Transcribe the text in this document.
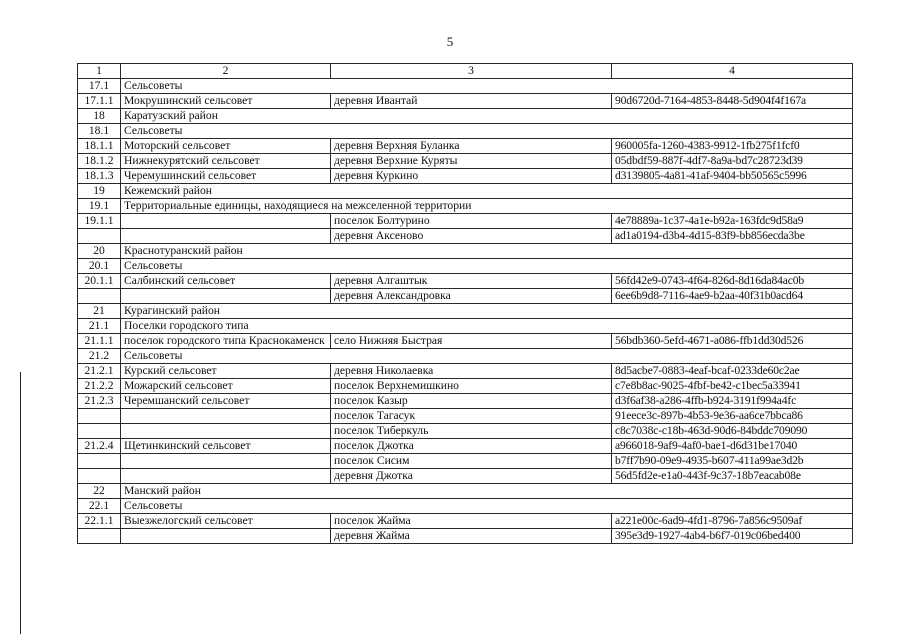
5
1	2	3	4
17.1	Сельсоветы		
17.1.1	Мокрушинский сельсовет	деревня Ивантай	90d6720d-7164-4853-8448-5d904f4f167a
18	Каратузский район		
18.1	Сельсоветы		
18.1.1	Моторский сельсовет	деревня Верхняя Буланка	960005fa-1260-4383-9912-1fb275f1fcf0
18.1.2	Нижнекурятский сельсовет	деревня Верхние Куряты	05dbdf59-887f-4df7-8a9a-bd7c28723d39
18.1.3	Черемушинский сельсовет	деревня Куркино	d3139805-4a81-41af-9404-bb50565c5996
19	Кежемский район		
19.1	Территориальные единицы, находящиеся на межселенной территории		
19.1.1		поселок Болтурино	4e78889a-1c37-4a1e-b92a-163fdc9d58a9
		деревня Аксеново	ad1a0194-d3b4-4d15-83f9-bb856ecda3be
20	Краснотуранский район		
20.1	Сельсоветы		
20.1.1	Салбинский сельсовет	деревня Алгаштык	56fd42e9-0743-4f64-826d-8d16da84ac0b
		деревня Александровка	6ee6b9d8-7116-4ae9-b2aa-40f31b0acd64
21	Курагинский район		
21.1	Поселки городского типа		
21.1.1	поселок городского типа Краснокаменск	село Нижняя Быстрая	56bdb360-5efd-4671-a086-ffb1dd30d526
21.2	Сельсоветы		
21.2.1	Курский сельсовет	деревня Николаевка	8d5acbe7-0883-4eaf-bcaf-0233de60c2ae
21.2.2	Можарский сельсовет	поселок Верхнемишкино	c7e8b8ac-9025-4fbf-be42-c1bec5a33941
21.2.3	Черемшанский сельсовет	поселок Казыр	d3f6af38-a286-4ffb-b924-3191f994a4fc
		поселок Тагасук	91eece3c-897b-4b53-9e36-aa6ce7bbca86
		поселок Тиберкуль	c8c7038c-c18b-463d-90d6-84bddc709090
21.2.4	Щетинкинский сельсовет	поселок Джотка	a966018-9af9-4af0-bae1-d6d31be17040
		поселок Сисим	b7ff7b90-09e9-4935-b607-411a99ae3d2b
		деревня Джотка	56d5fd2e-e1a0-443f-9c37-18b7eacab08e
22	Манский район		
22.1	Сельсоветы		
22.1.1	Выезжелогский сельсовет	поселок Жайма	a221e00c-6ad9-4fd1-8796-7a856c9509af
		деревня Жайма	395e3d9-1927-4ab4-b6f7-019c06bed400
